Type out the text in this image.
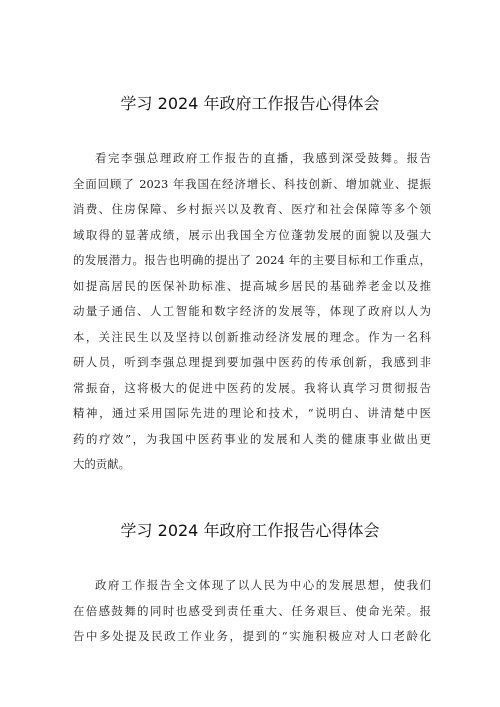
学习 2024 年政府工作报告心得体会
看完李强总理政府工作报告的直播，我感到深受鼓舞。报告
全面回顾了 2023 年我国在经济增长、科技创新、增加就业、提振
消费、住房保障、乡村振兴以及教育、医疗和社会保障等多个领
域取得的显著成绩，展示出我国全方位蓬勃发展的面貌以及强大
的发展潜力。报告也明确的提出了 2024 年的主要目标和工作重点，
如提高居民的医保补助标准、提高城乡居民的基础养老金以及推
动量子通信、人工智能和数字经济的发展等，体现了政府以人为
本，关注民生以及坚持以创新推动经济发展的理念。作为一名科
研人员，听到李强总理提到要加强中医药的传承创新，我感到非
常振奋，这将极大的促进中医药的发展。我将认真学习贯彻报告
精神，通过采用国际先进的理论和技术，“说明白、讲清楚中医
药的疗效”，为我国中医药事业的发展和人类的健康事业做出更
大的贡献。
学习 2024 年政府工作报告心得体会
政府工作报告全文体现了以人民为中心的发展思想，使我们
在倍感鼓舞的同时也感受到责任重大、任务艰巨、使命光荣。报
告中多处提及民政工作业务，提到的“实施积极应对人口老龄化
